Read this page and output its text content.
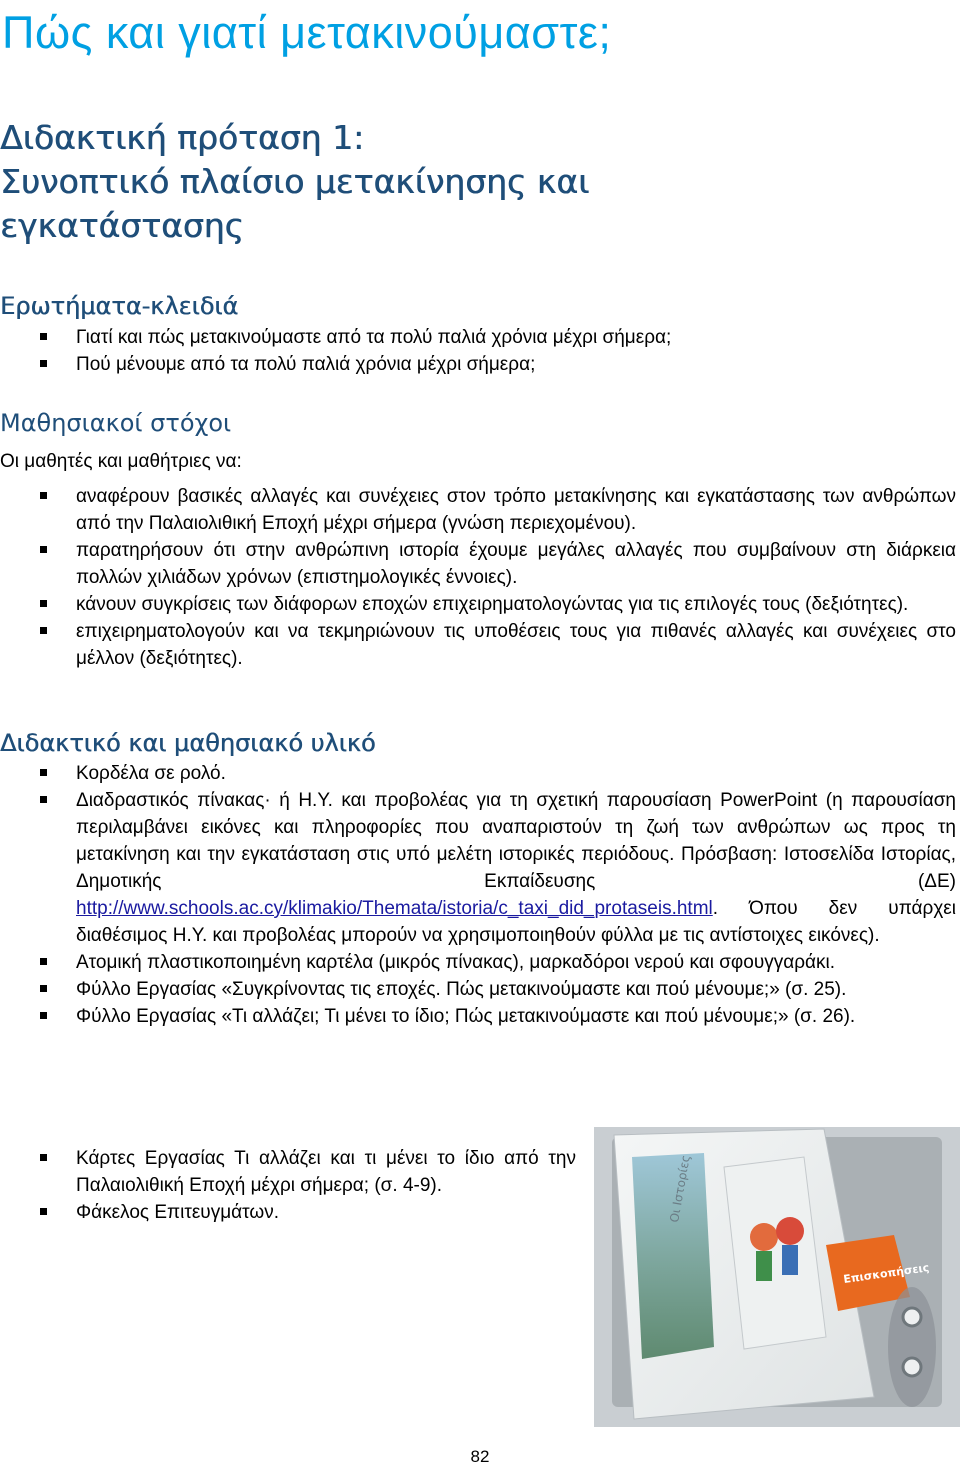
Πώς και γιατί μετακινούμαστε;
Διδακτική πρόταση 1:
Συνοπτικό πλαίσιο μετακίνησης και
εγκατάστασης
Ερωτήματα-κλειδιά
Γιατί και πώς μετακινούμαστε από τα πολύ παλιά χρόνια μέχρι σήμερα;
Πού μένουμε από τα πολύ παλιά χρόνια μέχρι σήμερα;
Μαθησιακοί στόχοι

Οι μαθητές και μαθήτριες να:

αναφέρουν βασικές αλλαγές και συνέχειες στον τρόπο μετακίνησης και εγκατάστασης των ανθρώπων από την Παλαιολιθική Εποχή μέχρι σήμερα (γνώση περιεχομένου).
παρατηρήσουν ότι στην ανθρώπινη ιστορία έχουμε μεγάλες αλλαγές που συμβαίνουν στη διάρκεια πολλών χιλιάδων χρόνων (επιστημολογικές έννοιες).
κάνουν συγκρίσεις των διάφορων εποχών επιχειρηματολογώντας για τις επιλογές τους (δεξιότητες).
επιχειρηματολογούν και να τεκμηριώνουν τις υποθέσεις τους για πιθανές αλλαγές και συνέχειες στο μέλλον (δεξιότητες).
Διδακτικό και μαθησιακό υλικό
Κορδέλα σε ρολό.
Διαδραστικός πίνακας· ή Η.Υ. και προβολέας για τη σχετική παρουσίαση PowerPoint (η παρουσίαση περιλαμβάνει εικόνες και πληροφορίες που αναπαριστούν τη ζωή των ανθρώπων ως προς τη μετακίνηση και την εγκατάσταση στις υπό μελέτη ιστορικές περιόδους. Πρόσβαση: Ιστοσελίδα Ιστορίας, Δημοτικής Εκπαίδευσης (ΔΕ) http://www.schools.ac.cy/klimakio/Themata/istoria/c_taxi_did_protaseis.html. Όπου δεν υπάρχει διαθέσιμος Η.Υ. και προβολέας μπορούν να χρησιμοποιηθούν φύλλα με τις αντίστοιχες εικόνες).
Ατομική πλαστικοποιημένη καρτέλα (μικρός πίνακας), μαρκαδόροι νερού και σφουγγαράκι.
Φύλλο Εργασίας «Συγκρίνοντας τις εποχές. Πώς μετακινούμαστε και πού μένουμε;» (σ. 25).
Φύλλο Εργασίας «Τι αλλάζει; Τι μένει το ίδιο; Πώς μετακινούμαστε και πού μένουμε;» (σ. 26).
Κάρτες Εργασίας Τι αλλάζει και τι μένει το ίδιο από την Παλαιολιθική Εποχή μέχρι σήμερα; (σ. 4-9).
Φάκελος Επιτευγμάτων.	Οι Ιστορίες
Επισκοπήσεις
82
